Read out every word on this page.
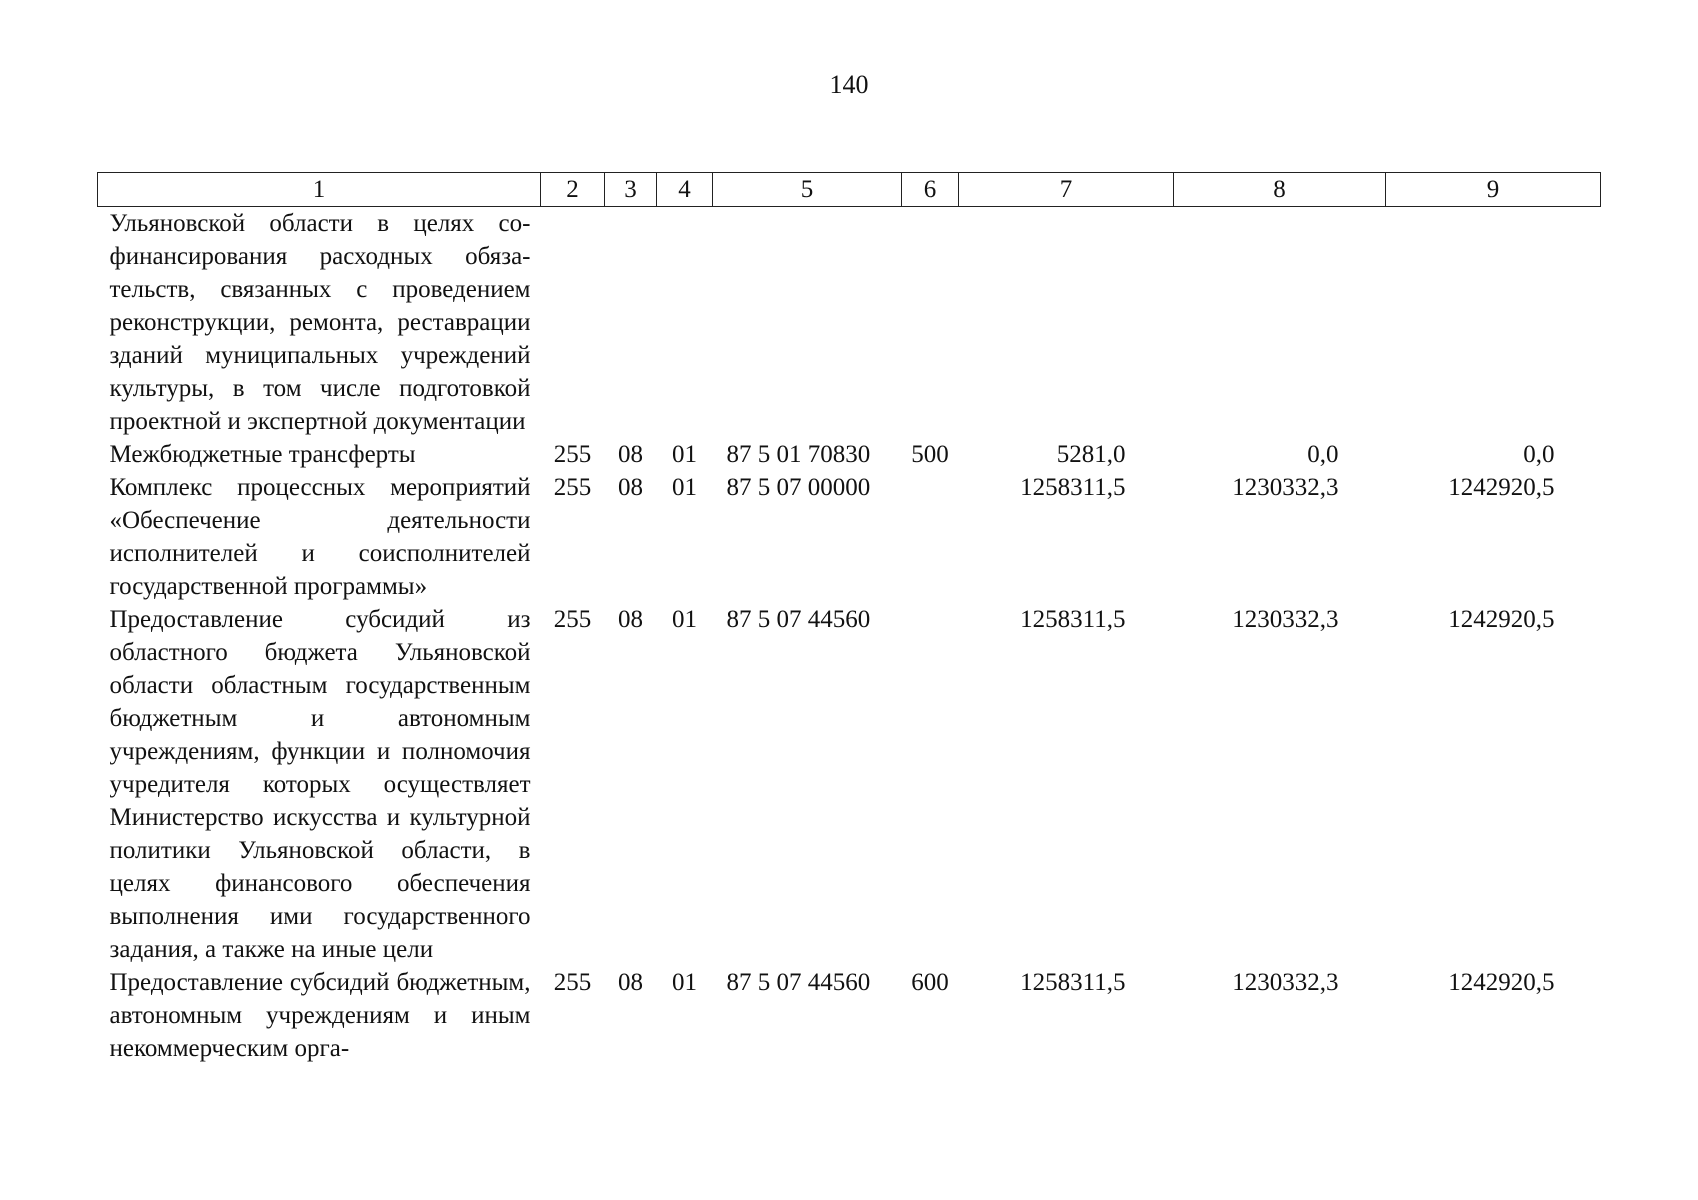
140
1	2	3	4	5	6	7	8	9
Ульяновской области в целях софинансирования расходных обязательств, связанных с проведением реконструкции, ремонта, реставрации зданий муниципальных учреждений культуры, в том числе подготовкой проектной и экспертной документации								
Межбюджетные трансферты	255	08	01	87 5 01 70830	500	5281,0	0,0	0,0
Комплекс процессных мероприятий «Обеспечение деятельности исполнителей и соисполнителей государственной программы»	255	08	01	87 5 07 00000		1258311,5	1230332,3	1242920,5
Предоставление субсидий из областного бюджета Ульяновской области областным государственным бюджетным и автономным учреждениям, функции и полномочия учредителя которых осуществляет Министерство искусства и культурной политики Ульяновской области, в целях финансового обеспечения выполнения ими государственного задания, а также на иные цели	255	08	01	87 5 07 44560		1258311,5	1230332,3	1242920,5
Предоставление субсидий бюджетным, автономным учреждениям и иным некоммерческим орга-	255	08	01	87 5 07 44560	600	1258311,5	1230332,3	1242920,5
